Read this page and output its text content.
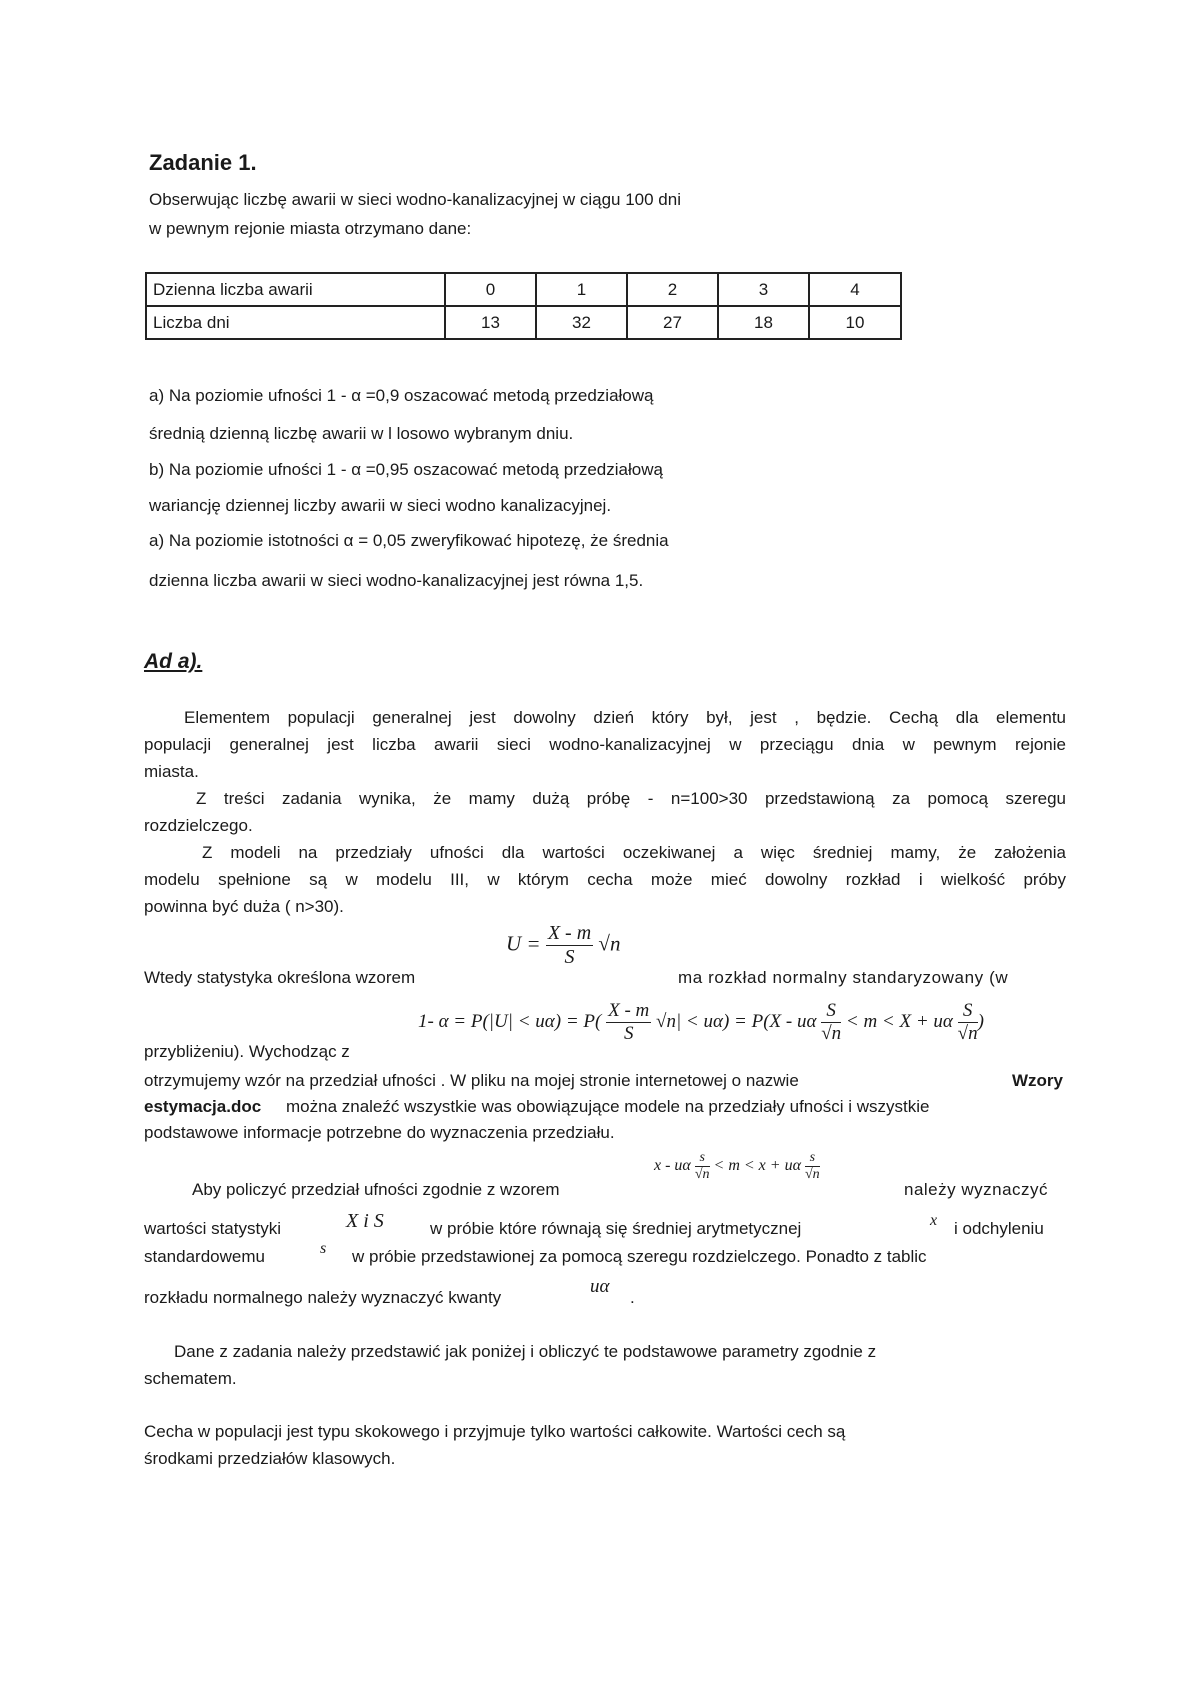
Zadanie 1.
Obserwując liczbę awarii w sieci wodno-kanalizacyjnej w ciągu 100 dni
w pewnym rejonie miasta otrzymano dane:
Dzienna liczba awarii	0	1	2	3	4
Liczba dni	13	32	27	18	10
a) Na poziomie ufności 1 - α =0,9 oszacować metodą przedziałową
średnią dzienną liczbę awarii w l losowo wybranym dniu.
b) Na poziomie ufności 1 - α =0,95 oszacować metodą przedziałową
wariancję dziennej liczby awarii w sieci wodno kanalizacyjnej.
a) Na poziomie istotności α = 0,05 zweryfikować hipotezę, że średnia
dzienna liczba awarii w sieci wodno-kanalizacyjnej jest równa 1,5.
Ad a).
Elementem populacji generalnej jest dowolny dzień który był, jest , będzie. Cechą dla elementu
populacji generalnej jest liczba awarii sieci wodno-kanalizacyjnej w przeciągu dnia w pewnym rejonie
miasta.
Z treści zadania wynika, że mamy dużą próbę - n=100>30 przedstawioną za pomocą szeregu
rozdzielczego.
Z modeli na przedziały ufności dla wartości oczekiwanej a więc średniej mamy, że założenia
modelu spełnione są w modelu III, w którym cecha może mieć dowolny rozkład i wielkość próby
powinna być duża ( n>30).
$U = \frac{X - m}{S} √n$
Wtedy statystyka określona wzorem	ma rozkład normalny standaryzowany (w
1- $\alpha = P(|U| < u\alpha) = P( \frac{X - m}{S} √n| < u\alpha) = P(X - u\alpha \frac{S}{√n} < m < X + u\alpha \frac{S}{√n}$ )
przybliżeniu). Wychodząc z
otrzymujemy wzór na przedział ufności . W pliku na mojej stronie internetowej o nazwie	Wzory
estymacja.doc można znaleźć wszystkie was obowiązujące modele na przedziały ufności i wszystkie
podstawowe informacje potrzebne do wyznaczenia przedziału.
x - uα $\frac{s}{√n} < m < x + u\alpha \frac{s}{√n}$
Aby policzyć przedział ufności zgodnie z wzorem	należy wyznaczyć
wartości statystyki	X i S	w próbie które równają się średniej arytmetycznej	x i odchyleniu
standardowemu	s w próbie przedstawionej za pomocą szeregu rozdzielczego. Ponadto z tablic
rozkładu normalnego należy wyznaczyć kwanty
uα
.
Dane z zadania należy przedstawić jak poniżej i obliczyć te podstawowe parametry zgodnie z
schematem.
Cecha w populacji jest typu skokowego i przyjmuje tylko wartości całkowite. Wartości cech są
środkami przedziałów klasowych.
